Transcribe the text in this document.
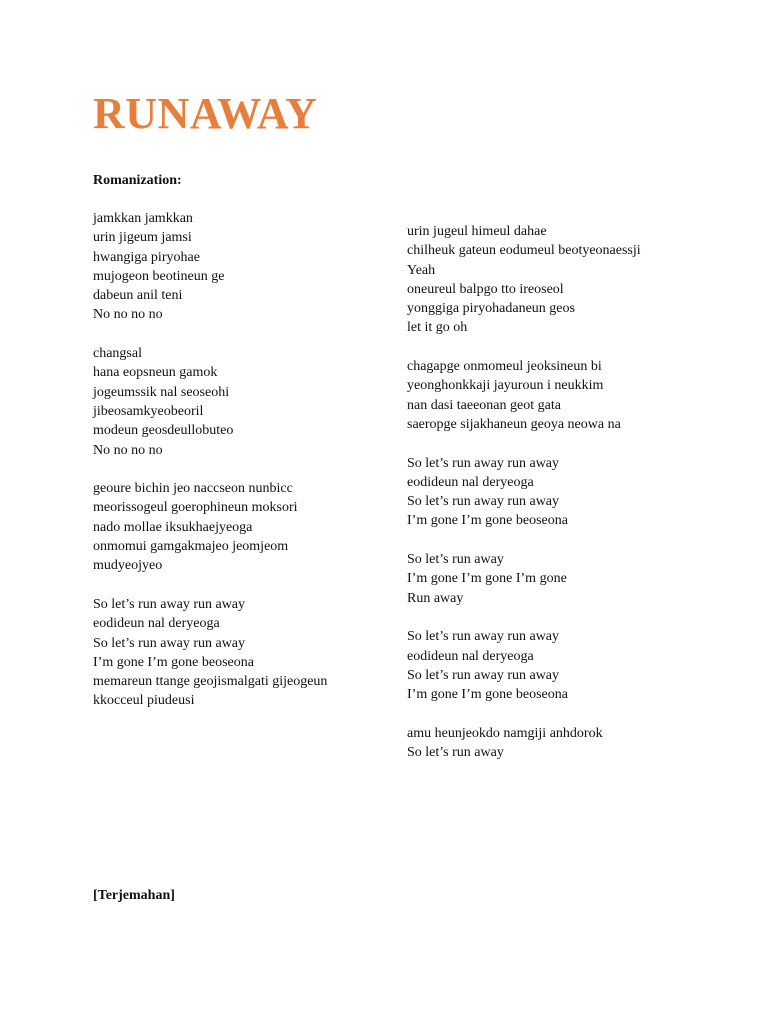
RUNAWAY
Romanization:
jamkkan jamkkan
urin jigeum jamsi
hwangiga piryohae
mujogeon beotineun ge
dabeun anil teni
No no no no
changsal
hana eopsneun gamok
jogeumssik nal seoseohi
jibeosamkyeobeoril
modeun geosdeullobuteo
No no no no
geoure bichin jeo naccseon nunbicc
meorissogeul goerophineun moksori
nado mollae iksukhaejyeoga
onmomui gamgakmajeo jeomjeom
mudyeojyeo
So let’s run away run away
eodideun nal deryeoga
So let’s run away run away
I’m gone I’m gone beoseona
memareun ttange geojismalgati gijeogeun
kkocceul piudeusi
urin jugeul himeul dahae
chilheuk gateun eodumeul beotyeonaessji
Yeah
oneureul balpgo tto ireoseol
yonggiga piryohadaneun geos
let it go oh
chagapge onmomeul jeoksineun bi
yeonghonkkaji jayuroun i neukkim
nan dasi taeeonan geot gata
saeropge sijakhaneun geoya neowa na
So let’s run away run away
eodideun nal deryeoga
So let’s run away run away
I’m gone I’m gone beoseona
So let’s run away
I’m gone I’m gone I’m gone
Run away
So let’s run away run away
eodideun nal deryeoga
So let’s run away run away
I’m gone I’m gone beoseona
amu heunjeokdo namgiji anhdorok
So let’s run away
[Terjemahan]
